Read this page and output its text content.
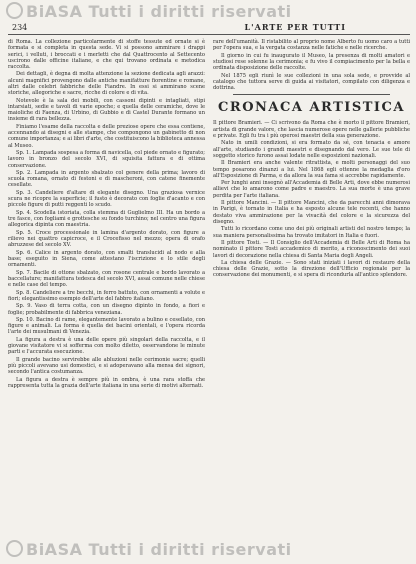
BiASA Tutti i diritti riservati
234	L'ARTE PER TUTTI

di Roma. La collezione particolarmente di stoffe tessute ed ornate si è formata e si completa in questa sede. Vi si possono ammirare i drappi serici, i velluti, i broccati e i merletti che dal Quattrocento al Settecento uscirono dalle officine italiane, e che qui trovano ordinata e metodica raccolta.

Dei dettagli, è degna di molta attenzione la sezione dedicata agli arazzi: alcuni magnifici provengono dalle antiche manifatture fiorentine e romane, altri dalle celebri fabbriche delle Fiandre. In essi si ammirano scene storiche, allegoriche e sacre, ricche di colore e di vita.

Notevole è la sala dei mobili, con cassoni dipinti e intagliati, stipi intarsiati, sedie e tavoli di varie epoche; e quella delle ceramiche, dove le maioliche di Faenza, di Urbino, di Gubbio e di Castel Durante formano un insieme di rara bellezza.

Finiamo l'esame della raccolta e delle preziose opere che essa contiene, accennando ai disegni e alle stampe, che compongono un gabinetto di non comune importanza; e ai libri d'arte, che costituiscono la biblioteca annessa al Museo.

Sp. 1. Lampada sospesa a forma di navicella, col piede ornato e figurato; lavoro in bronzo del secolo XVI, di squisita fattura e di ottima conservazione.

Sp. 2. Lampada in argento sbalzato col genere della prima; lavoro di scuola romana, ornato di festoni e di mascheroni, con catene finemente cesellate.

Sp. 3. Candeliere d'altare di elegante disegno. Una graziosa vernice scura ne ricopre la superficie; il fusto è decorato con foglie d'acanto e con piccole figure di putti reggenti lo scudo.

Sp. 4. Scodella istoriata, colla stemma di Guglielmo III. Ha un bordo a tre fasce, con fogliami e grottesche su fondo turchino; nel centro una figura allegorica dipinta con maestria.

Sp. 5. Croce processionale in lamina d'argento dorato, con figure a rilievo nei quattro capicroce, e il Crocefisso nel mezzo; opera di orafo abruzzese del secolo XV.

Sp. 6. Calice in argento dorato, con smalti translucidi al nodo e alla base; eseguito in Siena, come attestano l'iscrizione e lo stile degli ornamenti.

Sp. 7. Bacile di ottone sbalzato, con rosone centrale e bordo lavorato a baccellature; manifattura tedesca del secolo XVI, assai comune nelle chiese e nelle case del tempo.

Sp. 8. Candeliere a tre becchi, in ferro battuto, con ornamenti a volute e fiori; elegantissimo esempio dell'arte del fabbro italiano.

Sp. 9. Vaso di terra cotta, con un disegno dipinto in fondo, a fiori e foglie; probabilmente di fabbrica veneziana.

Sp. 10. Bacino di rame, elegantemente lavorato a bulino e cesellato, con figure e animali. La forma è quella dei bacini orientali, e l'opera ricorda l'arte dei musulmani di Venezia.

La figura a destra è una delle opere più singolari della raccolta, e il giovane visitatore vi si sofferma con molto diletto, osservandone le minute parti e l'accurata esecuzione.

Il grande bacino servirebbe alle abluzioni nelle cerimonie sacre; quelli più piccoli avevano usi domestici, e si adoperavano alla mensa dei signori, secondo l'antica costumanza.

La figura a destra è sempre più in ombra, è una rara stoffa che rappresenta tutta la grazia dell'arte italiana in una serie di motivi alternati.

rare dell'umanità. Il ristabilito al proprio nome Alberto fu uomo caro a tutti per l'opera sua, e la vergata costanza nelle fatiche e nelle ricerche.

Il giorno in cui fu inaugurato il Museo, la presenza di molti amatori e studiosi rese solenne la cerimonia; e fu vivo il compiacimento per la bella e ordinata disposizione delle raccolte.

Nel 1875 egli riunì le sue collezioni in una sola sede, e provvide al catalogo che tuttora serve di guida ai visitatori, compilato con diligenza e dottrina.

CRONACA ARTISTICA

Il pittore Bramieri. — Ci scrivono da Roma che è morto il pittore Bramieri, artista di grande valore, che lascia numerose opere nelle gallerie pubbliche e private. Egli fu tra i più operosi maestri della sua generazione.

Nato in umili condizioni, si era formato da sé, con tenacia e amore all'arte, studiando i grandi maestri e disegnando dal vero. Le sue tele di soggetto storico furono assai lodate nelle esposizioni nazionali.

Il Bramieri era anche valente ritrattista, e molti personaggi del suo tempo posarono dinanzi a lui. Nel 1868 egli ottenne la medaglia d'oro all'Esposizione di Parma, e da allora la sua fama si accrebbe rapidamente.

Per lunghi anni insegnò all'Accademia di Belle Arti, dove ebbe numerosi allievi che lo amarono come padre e maestro. La sua morte è una grave perdita per l'arte italiana.

Il pittore Mancini. — Il pittore Mancini, che da parecchi anni dimorava in Parigi, è tornato in Italia e ha esposto alcune tele recenti, che hanno destato viva ammirazione per la vivacità del colore e la sicurezza del disegno.

Tutti lo ricordano come uno dei più originali artisti del nostro tempo; la sua maniera personalissima ha trovato imitatori in Italia e fuori.

Il pittore Tosti. — Il Consiglio dell'Accademia di Belle Arti di Roma ha nominato il pittore Tosti accademico di merito, a riconoscimento dei suoi lavori di decorazione nella chiesa di Santa Maria degli Angeli.

La chiesa delle Grazie. — Sono stati iniziati i lavori di restauro della chiesa delle Grazie, sotto la direzione dell'Ufficio regionale per la conservazione dei monumenti, e si spera di ricondurla all'antico splendore.

BiASA Tutti i diritti riservati
